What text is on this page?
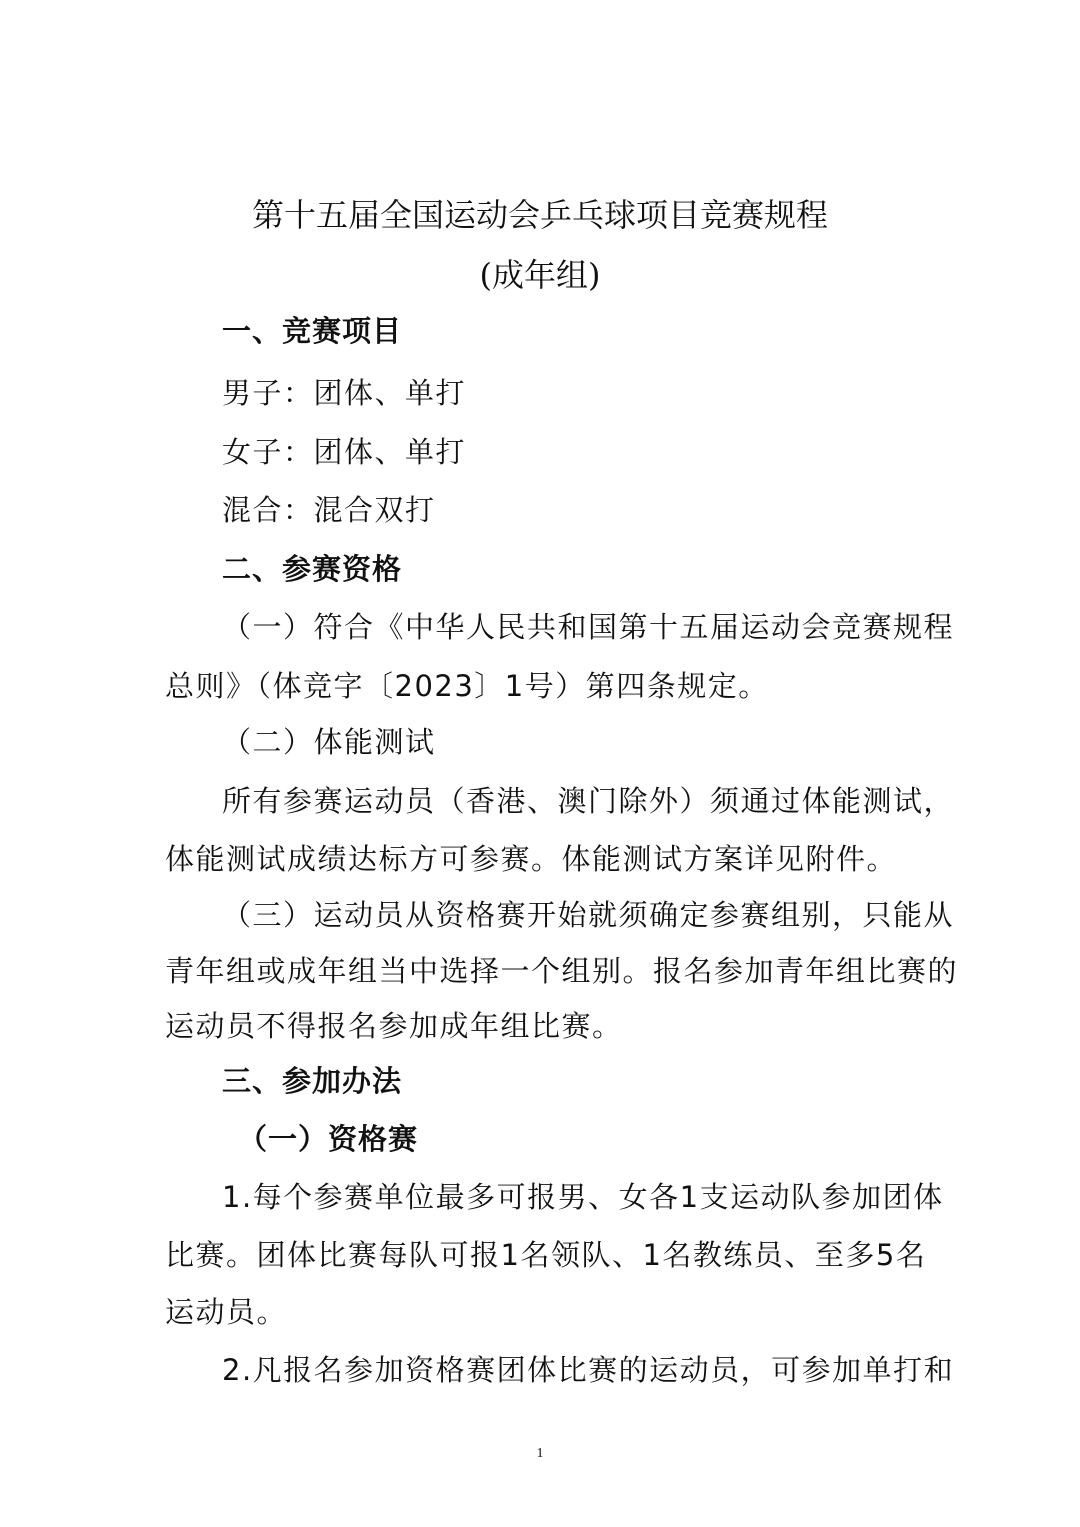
第十五届全国运动会乒乓球项目竞赛规程
(成年组)
一、竞赛项目
男子：团体、单打
女子：团体、单打
混合：混合双打
二、参赛资格
（一）符合《中华人民共和国第十五届运动会竞赛规程
总则》（体竞字〔2023〕1号）第四条规定。
（二）体能测试
所有参赛运动员（香港、澳门除外）须通过体能测试，
体能测试成绩达标方可参赛。体能测试方案详见附件。
（三）运动员从资格赛开始就须确定参赛组别，只能从
青年组或成年组当中选择一个组别。报名参加青年组比赛的
运动员不得报名参加成年组比赛。
三、参加办法
（一）资格赛
1.每个参赛单位最多可报男、女各1支运动队参加团体
比赛。团体比赛每队可报1名领队、1名教练员、至多5名
运动员。
2.凡报名参加资格赛团体比赛的运动员，可参加单打和
1
